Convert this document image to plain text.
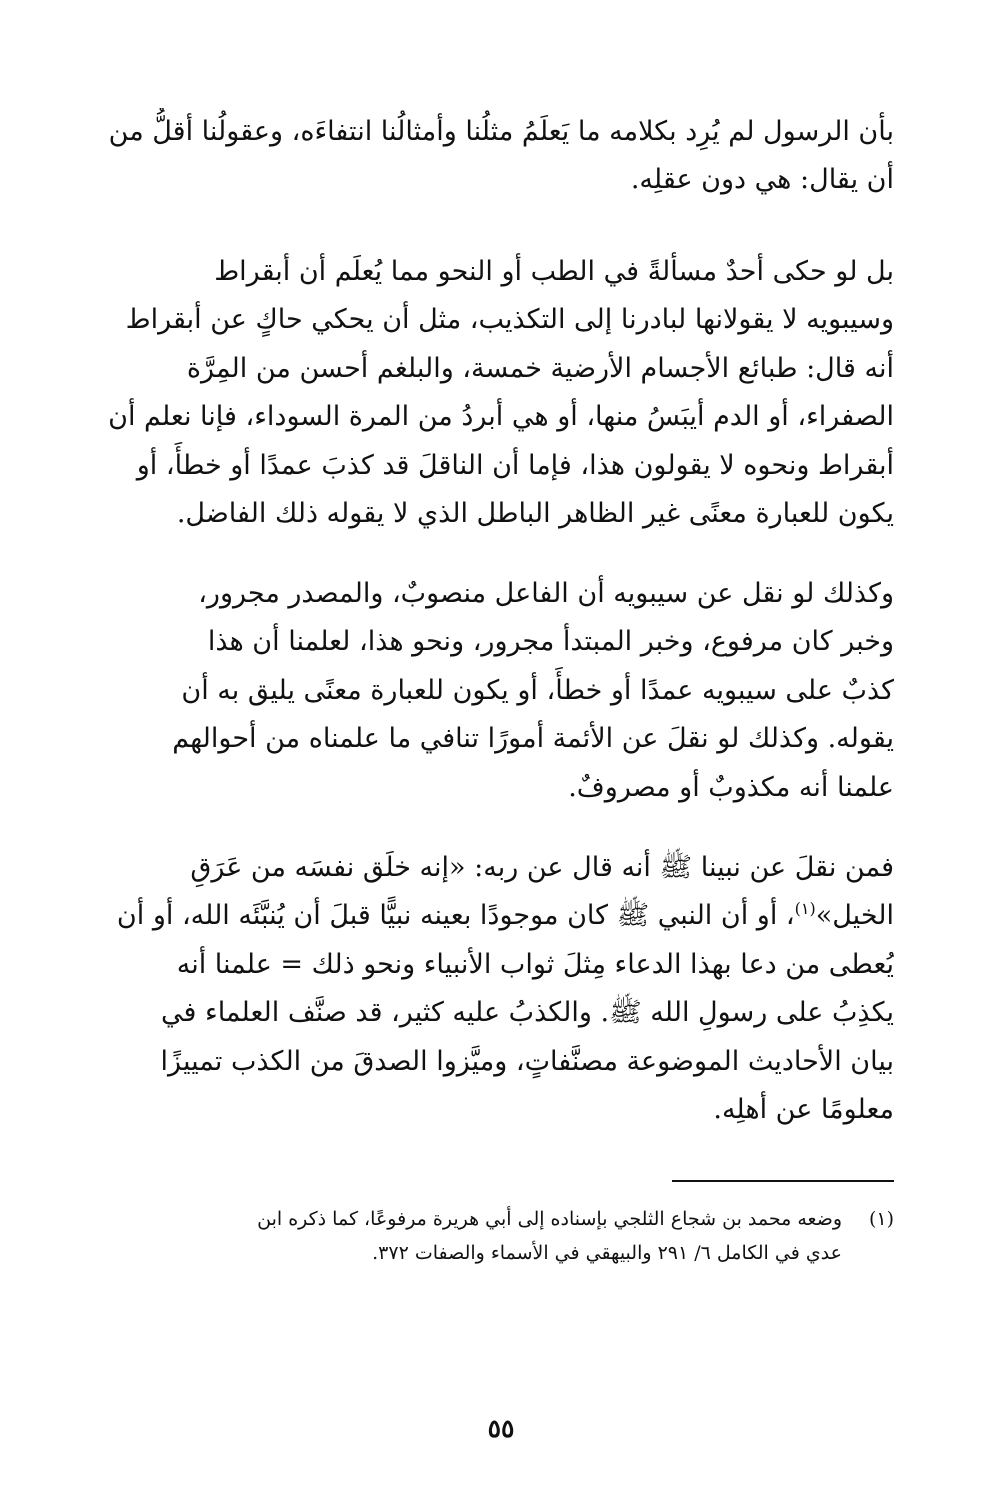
بأن الرسول لم يُرِد بكلامه ما يَعلَمُ مثلُنا وأمثالُنا انتفاءَه، وعقولُنا أقلُّ من
أن يقال: هي دون عقلِه.

بل لو حكى أحدٌ مسألةً في الطب أو النحو مما يُعلَم أن أبقراط
وسيبويه لا يقولانها لبادرنا إلى التكذيب، مثل أن يحكي حاكٍ عن أبقراط
أنه قال: طبائع الأجسام الأرضية خمسة، والبلغم أحسن من المِرَّة
الصفراء، أو الدم أيبَسُ منها، أو هي أبردُ من المرة السوداء، فإنا نعلم أن
أبقراط ونحوه لا يقولون هذا، فإما أن الناقلَ قد كذبَ عمدًا أو خطأً، أو
يكون للعبارة معنًى غير الظاهر الباطل الذي لا يقوله ذلك الفاضل.

وكذلك لو نقل عن سيبويه أن الفاعل منصوبٌ، والمصدر مجرور،
وخبر كان مرفوع، وخبر المبتدأ مجرور، ونحو هذا، لعلمنا أن هذا
كذبٌ على سيبويه عمدًا أو خطأً، أو يكون للعبارة معنًى يليق به أن
يقوله. وكذلك لو نقلَ عن الأئمة أمورًا تنافي ما علمناه من أحوالهم
علمنا أنه مكذوبٌ أو مصروفٌ.

فمن نقلَ عن نبينا ﷺ أنه قال عن ربه: «إنه خلَق نفسَه من عَرَقِ
الخيل»$^{(١)}$، أو أن النبي ﷺ كان موجودًا بعينه نبيًّا قبلَ أن يُنبَّئَه الله، أو أن
يُعطى من دعا بهذا الدعاء مِثلَ ثواب الأنبياء ونحو ذلك = علمنا أنه
يكذِبُ على رسولِ الله ﷺ. والكذبُ عليه كثير، قد صنَّف العلماء في
بيان الأحاديث الموضوعة مصنَّفاتٍ، وميَّزوا الصدقَ من الكذب تمييزًا
معلومًا عن أهلِه.

(١)
وضعه محمد بن شجاع الثلجي بإسناده إلى أبي هريرة مرفوعًا، كما ذكره ابن
عدي في الكامل ٦/ ٢٩١ والبيهقي في الأسماء والصفات ٣٧٢.
٥٥
